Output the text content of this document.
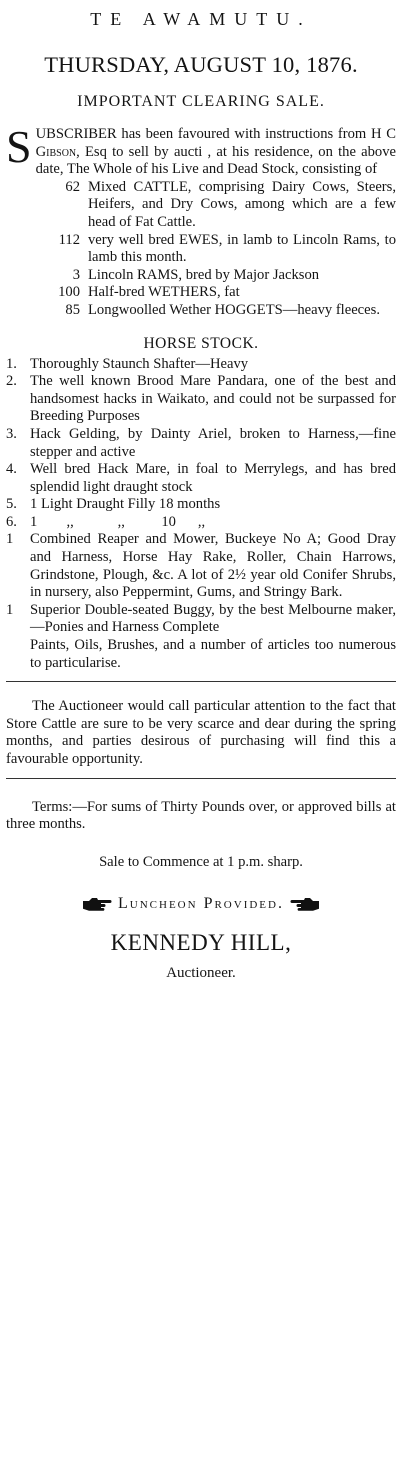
TE AWAMUTU.
THURSDAY, AUGUST 10, 1876.
IMPORTANT CLEARING SALE.
S UBSCRIBER has been favoured with instructions from H C Gibson, Esq to sell by aucti , at his residence, on the above date, The Whole of his Live and Dead Stock, consisting of

62 Mixed CATTLE, comprising Dairy Cows, Steers, Heifers, and Dry Cows, among which are a few head of Fat Cattle.
112 very well bred EWES, in lamb to Lincoln Rams, to lamb this month.
3 Lincoln RAMS, bred by Major Jackson
100 Half-bred WETHERS, fat
85 Longwoolled Wether HOGGETS—heavy fleeces.
HORSE STOCK.
1. Thoroughly Staunch Shafter—Heavy
2. The well known Brood Mare Pandara, one of the best and handsomest hacks in Waikato, and could not be surpassed for Breeding Purposes
3. Hack Gelding, by Dainty Ariel, broken to Harness,—fine stepper and active
4. Well bred Hack Mare, in foal to Merrylegs, and has bred splendid light draught stock
5. 1 Light Draught Filly 18 months
6. 1        ,,            ,,          10      ,,
1	Combined Reaper and Mower, Buckeye No A; Good Dray and Harness, Horse Hay Rake, Roller, Chain Harrows, Grindstone, Plough, &c. A lot of 2½ year old Conifer Shrubs, in nursery, also Peppermint, Gums, and Stringy Bark.
1	Superior Double-seated Buggy, by the best Melbourne maker,—Ponies and Harness Complete
Paints, Oils, Brushes, and a number of articles too numerous to particularise.
The Auctioneer would call particular attention to the fact that Store Cattle are sure to be very scarce and dear during the spring months, and parties desirous of purchasing will find this a favourable opportunity.
Terms:—For sums of Thirty Pounds over, or approved bills at three months.
Sale to Commence at 1 p.m. sharp.
Luncheon Provided.
KENNEDY HILL,
Auctioneer.
